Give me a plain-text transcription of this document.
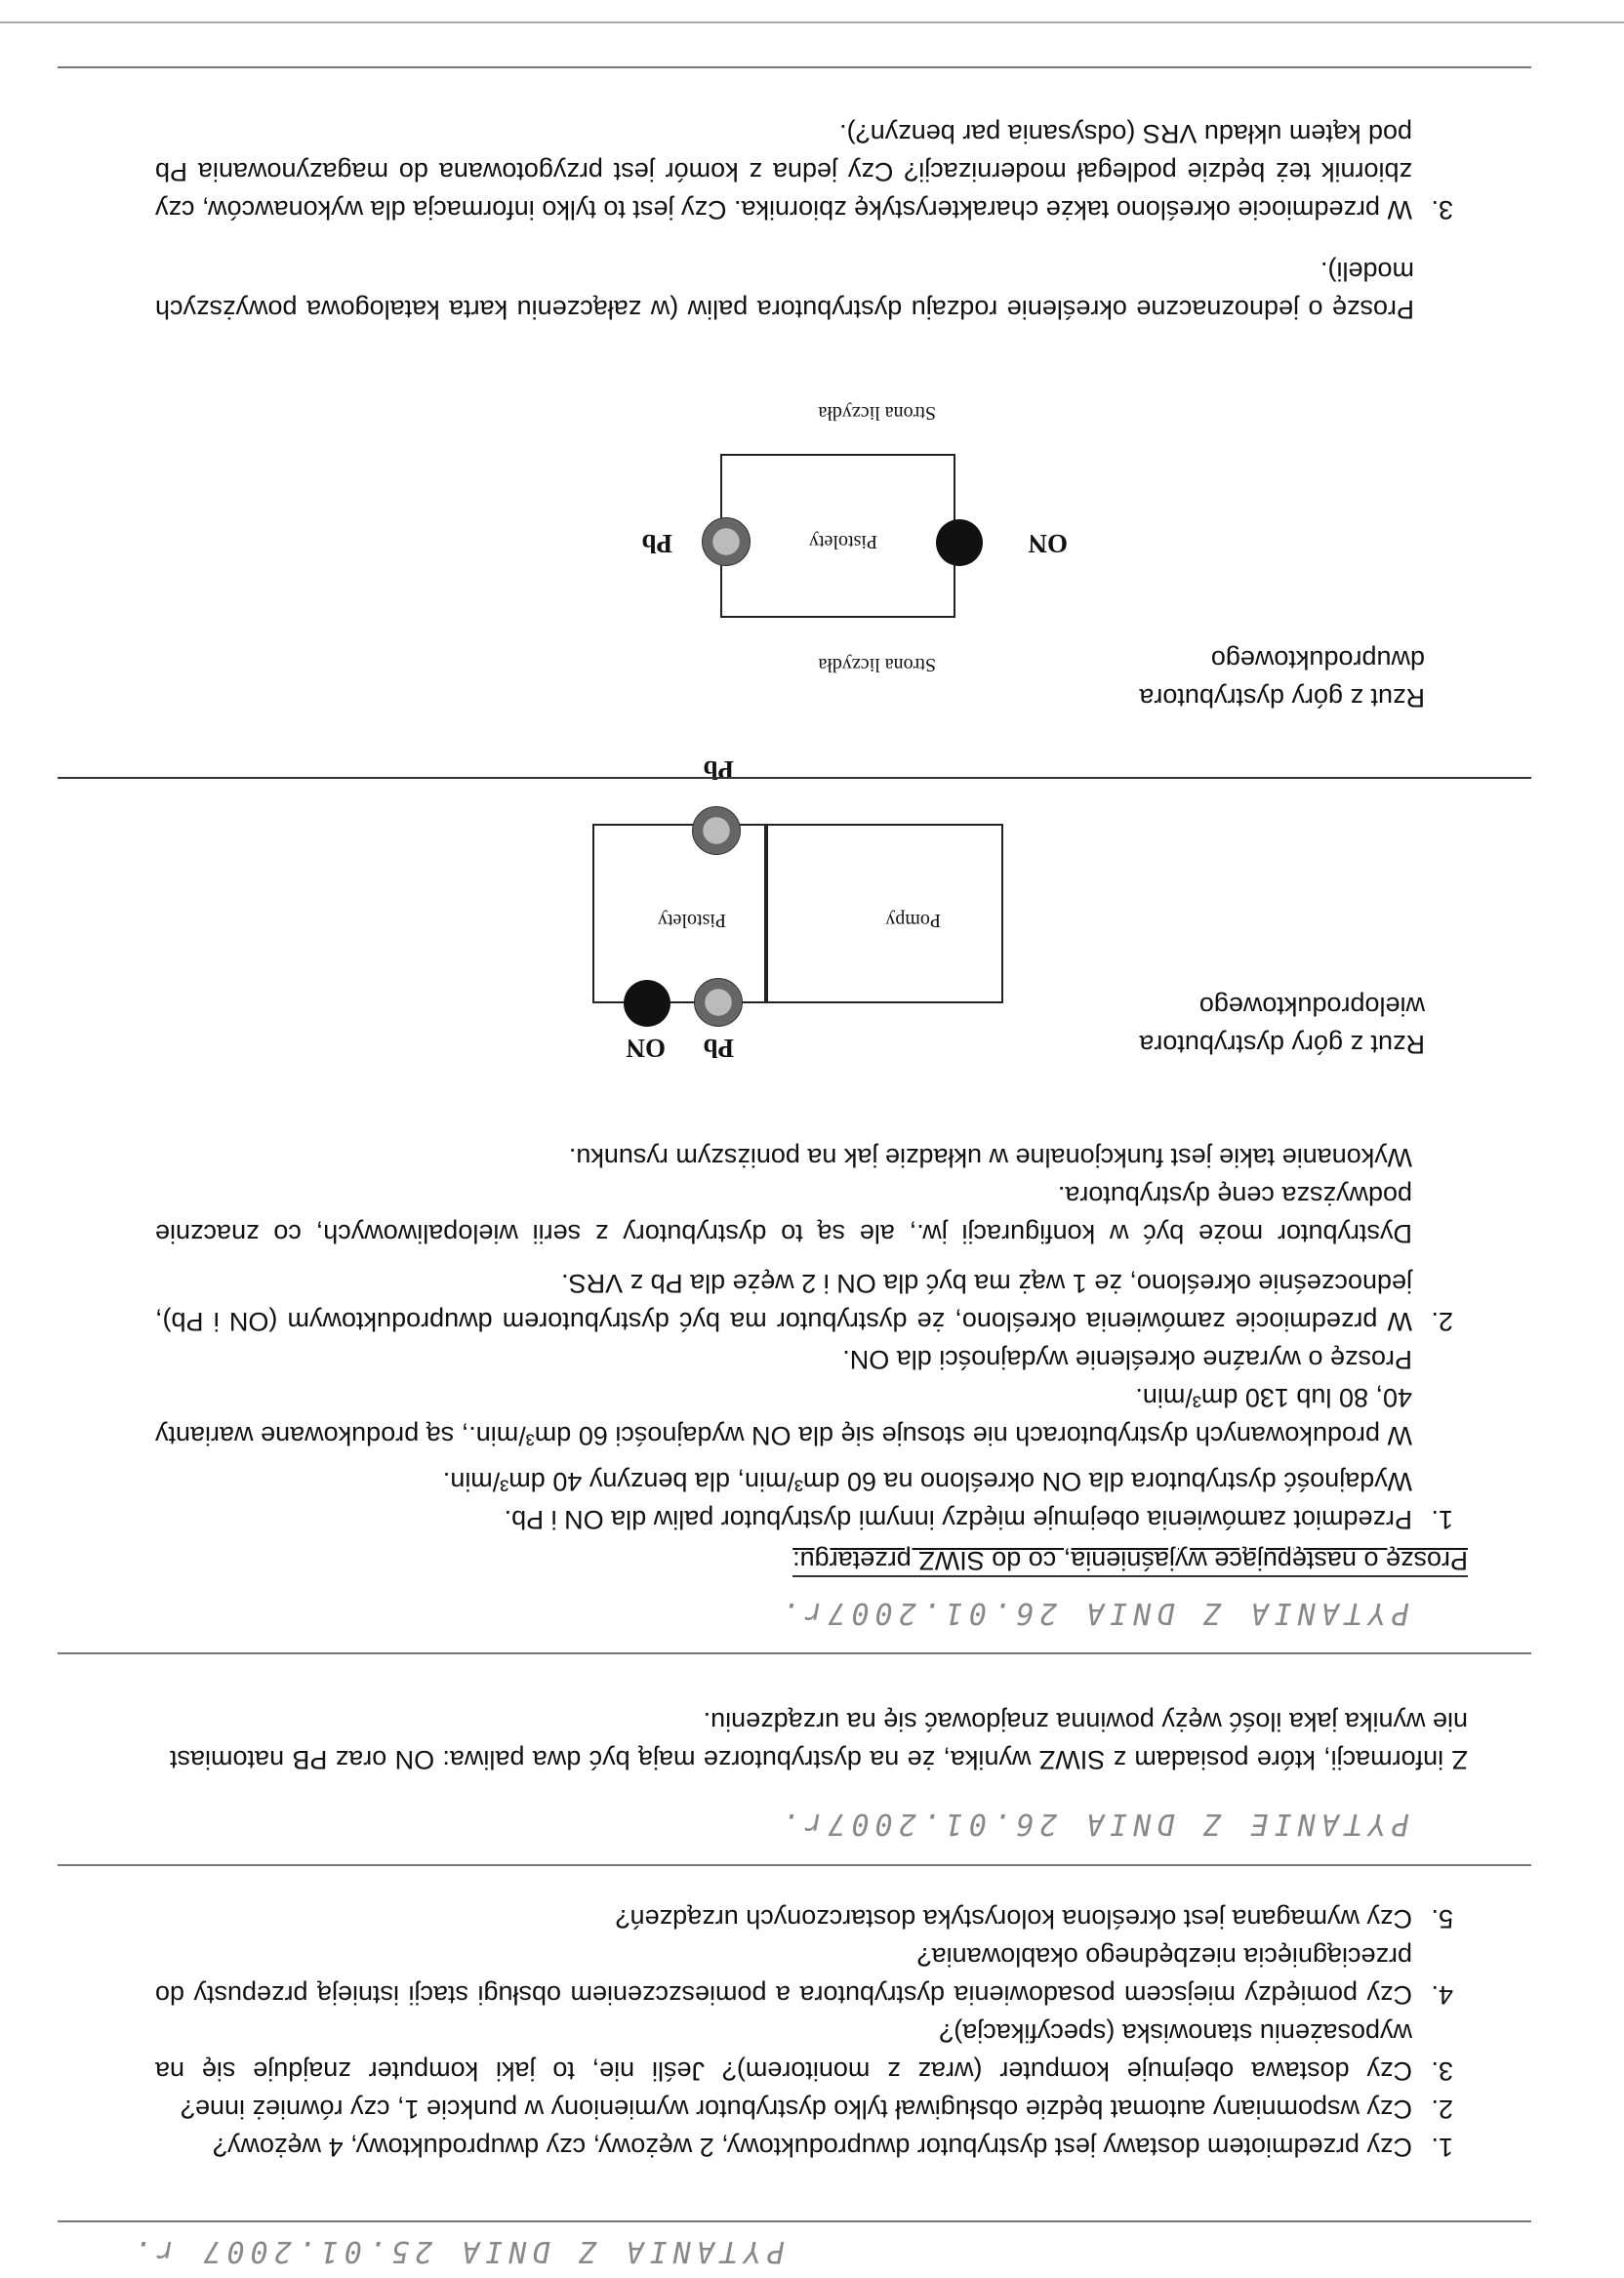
PYTANIA Z DNIA 25.01.2007 r.
1.
Czy przedmiotem dostawy jest dystrybutor dwuproduktowy, 2 wężowy, czy dwuproduktowy, 4 wężowy?
2.
Czy wspomniany automat będzie obsługiwał tylko dystrybutor wymieniony w punkcie 1, czy również inne?
3.
Czy dostawa obejmuje komputer (wraz z monitorem)? Jeśli nie, to jaki komputer znajduje się na wyposażeniu stanowiska (specyfikacja)?
4.
Czy pomiędzy miejscem posadowienia dystrybutora a pomieszczeniem obsługi stacji istnieją przepusty do przeciągnięcia niezbędnego okablowania?
5.
Czy wymagana jest określona kolorystyka dostarczonych urządzeń?
PYTANIE Z DNIA 26.01.2007r.
Z informacji, które posiadam z SIWZ wynika, że na dystrybutorze mają być dwa paliwa: ON oraz PB natomiast nie wynika jaka ilość węży powinna znajdować się na urządzeniu.
PYTANIA Z DNIA 26.01.2007r.
Proszę o następujące wyjaśnienia, co do SIWZ przetargu:
1.
Przedmiot zamówienia obejmuje między innymi dystrybutor paliw dla ON i Pb.
Wydajność dystrybutora dla ON określono na 60 dm³/min, dla benzyny 40 dm³/min.
W produkowanych dystrybutorach nie stosuje się dla ON wydajności 60 dm³/min., są produkowane warianty 40, 80 lub 130 dm³/min.
Proszę o wyraźne określenie wydajności dla ON.
2.
W przedmiocie zamówienia określono, że dystrybutor ma być dystrybutorem dwuproduktowym (ON i Pb), jednocześnie określono, że 1 wąż ma być dla ON i 2 węże dla Pb z VRS.
Dystrybutor może być w konfiguracji jw., ale są to dystrybutory z serii wielopaliwowych, co znacznie podwyższa cenę dystrybutora.
Wykonanie takie jest funkcjonalne w układzie jak na poniższym rysunku.
Rzut z góry dystrybutora wieloproduktowego
Pompy
Pistolety
Pb
ON
Pb
Rzut z góry dystrybutora dwuproduktowego
Strona liczydła
Pistolety	ON
Pb
Strona liczydła
Proszę o jednoznaczne określenie rodzaju dystrybutora paliw (w załączeniu karta katalogowa powyższych modeli).
3.
W przedmiocie określono także charakterystykę zbiornika. Czy jest to tylko informacja dla wykonawców, czy zbiornik też będzie podlegał modernizacji? Czy jedna z komór jest przygotowana do magazynowania Pb pod kątem układu VRS (odsysania par benzyn?).
